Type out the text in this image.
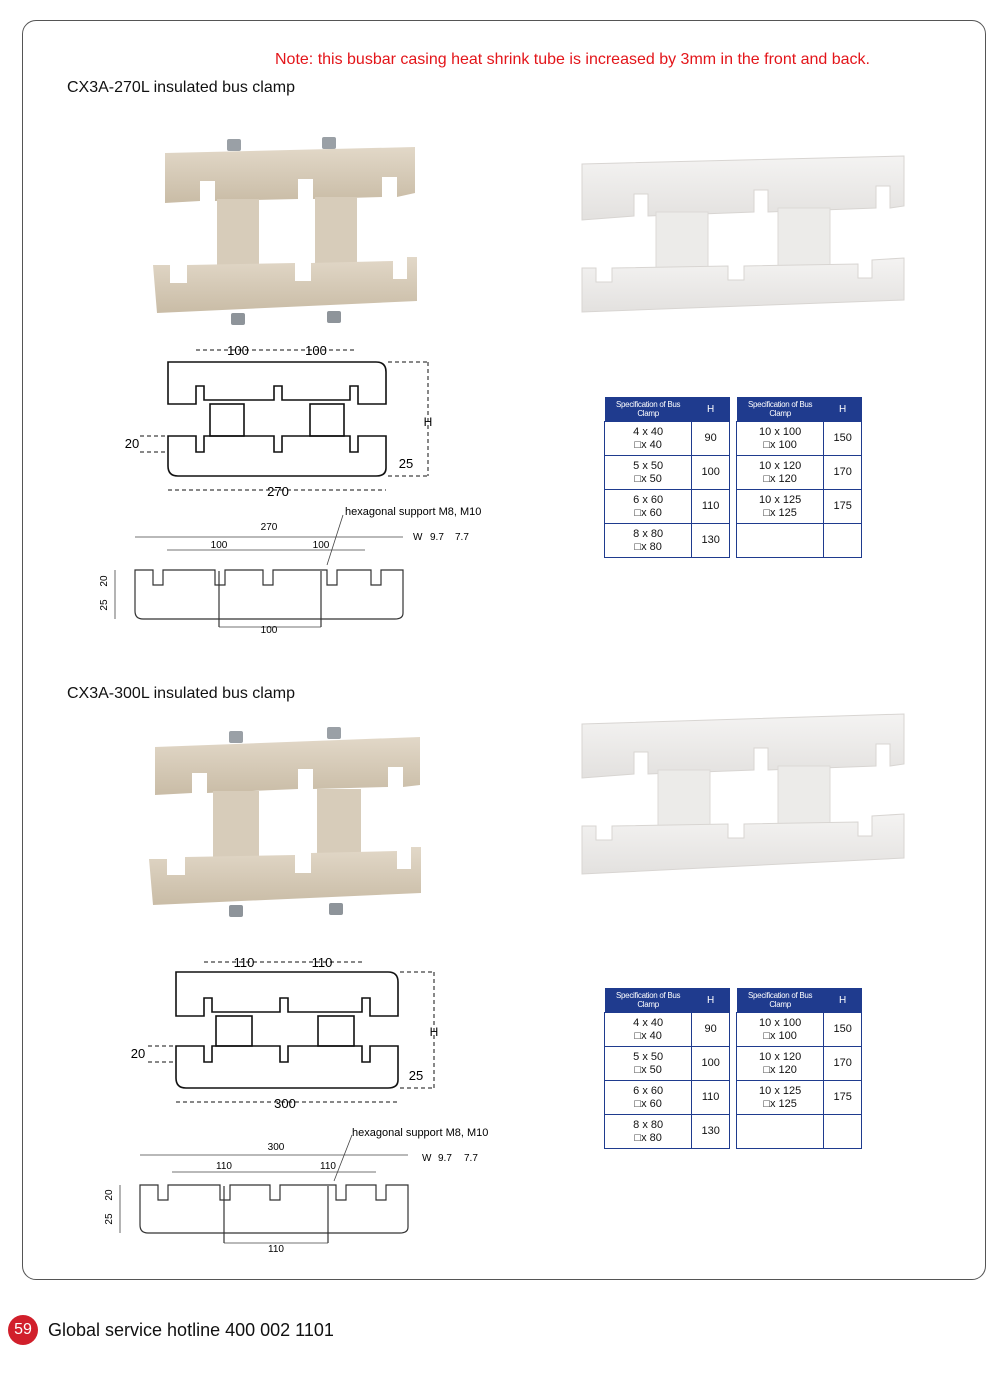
Note: this busbar casing heat shrink tube is increased by 3mm in the front and back.
CX3A-270L insulated bus clamp
100	100
270
H
20
25
270
100	100
100
hexagonal support M8, M10
W 9.7 7.7
25
20
Specification of Bus Clamp	H
4 x 40
□x 40	90
5 x 50
□x 50	100
6 x 60
□x 60	110
8 x 80
□x 80	130
Specification of Bus Clamp	H
10 x 100
□x 100	150
10 x 120
□x 120	170
10 x 125
□x 125	175

CX3A-300L insulated bus clamp
110	110
300
H
20
25
300
110	110
110
hexagonal support M8, M10
W 9.7 7.7
25
20
Specification of Bus Clamp	H
4 x 40
□x 40	90
5 x 50
□x 50	100
6 x 60
□x 60	110
8 x 80
□x 80	130
Specification of Bus Clamp	H
10 x 100
□x 100	150
10 x 120
□x 120	170
10 x 125
□x 125	175

59 Global service hotline 400 002 1101
